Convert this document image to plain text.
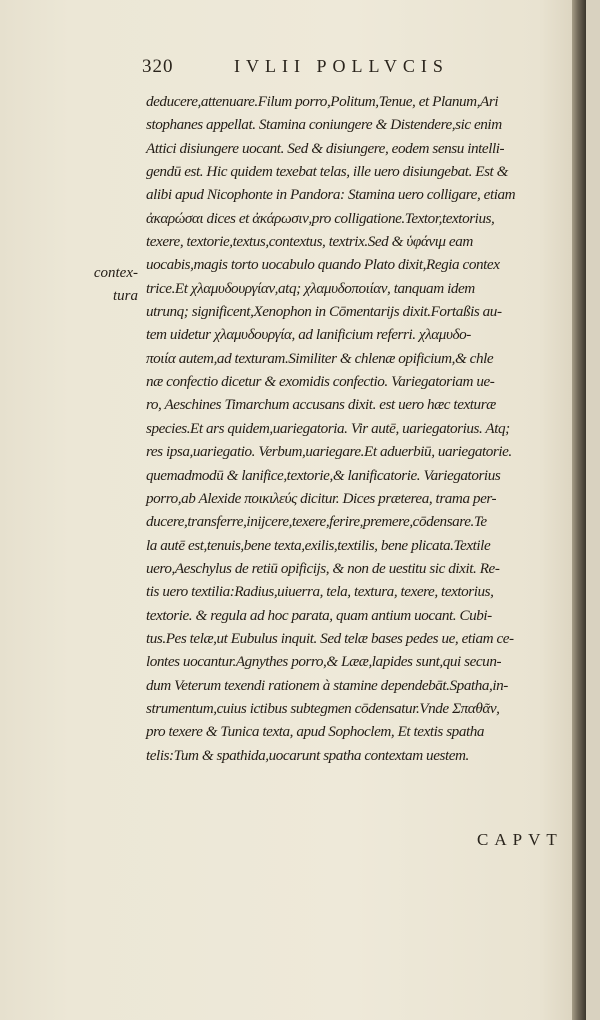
320	IVLII POLLVCIS
contex-
tura
deducere,attenuare.Filum porro,Politum,Tenue, et Planum,Ari
stophanes appellat. Stamina coniungere & Distendere,sic enim
Attici disiungere uocant. Sed & disiungere, eodem sensu intelli-
gendū est. Hic quidem texebat telas, ille uero disiungebat. Est &
alibi apud Nicophonte in Pandora: Stamina uero colligare, etiam
ἀκαρώσαι dices et ἀκάρωσιν,pro colligatione.Textor,textorius,
texere, textorie,textus,contextus, textrix.Sed & ὑφάνιμ eam
uocabis,magis torto uocabulo quando Plato dixit,Regia contex
trice.Et χλαμυδουργίαν,atq; χλαμυδοποιίαν, tanquam idem
utrunq; significent,Xenophon in Cōmentarijs dixit.Fortaßis au-
tem uidetur χλαμυδουργία, ad lanificium referri. χλαμυδο-
ποιία autem,ad texturam.Similiter & chlenæ opificium,& chle
næ confectio dicetur & exomidis confectio. Variegatoriam ue-
ro, Aeschines Timarchum accusans dixit. est uero hæc texturæ
species.Et ars quidem,uariegatoria. Vir autē, uariegatorius. Atq;
res ipsa,uariegatio. Verbum,uariegare.Et aduerbiū, uariegatorie.
quemadmodū & lanifice,textorie,& lanificatorie. Variegatorius
porro,ab Alexide ποικιλεύς dicitur. Dices præterea, trama per-
ducere,transferre,inijcere,texere,ferire,premere,cōdensare.Te
la autē est,tenuis,bene texta,exilis,textilis, bene plicata.Textile
uero,Aeschylus de retiū opificijs, & non de uestitu sic dixit. Re-
tis uero textilia:Radius,uiuerra, tela, textura, texere, textorius,
textorie. & regula ad hoc parata, quam antium uocant. Cubi-
tus.Pes telæ,ut Eubulus inquit. Sed telæ bases pedes ue, etiam ce-
lontes uocantur.Agnythes porro,& Lææ,lapides sunt,qui secun-
dum Veterum texendi rationem à stamine dependebāt.Spatha,in-
strumentum,cuius ictibus subtegmen cōdensatur.Vnde Σπαθᾶν,
pro texere & Tunica texta, apud Sophoclem, Et textis spatha
telis:Tum & spathida,uocarunt spatha contextam uestem.
CAPVT
